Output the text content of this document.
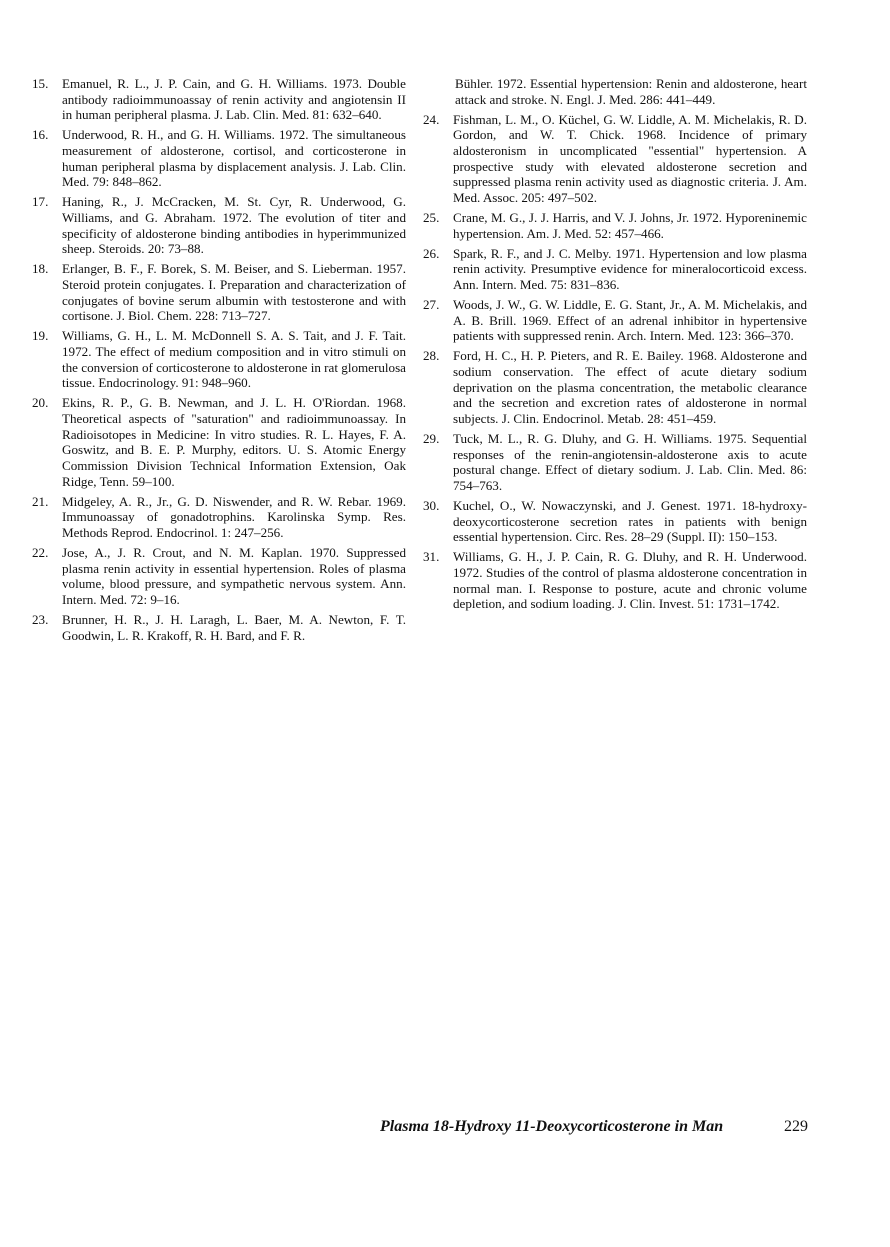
15.	Emanuel, R. L., J. P. Cain, and G. H. Williams. 1973. Double antibody radioimmunoassay of renin activity and angiotensin II in human peripheral plasma. J. Lab. Clin. Med. 81: 632–640.
16.	Underwood, R. H., and G. H. Williams. 1972. The simultaneous measurement of aldosterone, cortisol, and corticosterone in human peripheral plasma by displacement analysis. J. Lab. Clin. Med. 79: 848–862.
17.	Haning, R., J. McCracken, M. St. Cyr, R. Underwood, G. Williams, and G. Abraham. 1972. The evolution of titer and specificity of aldosterone binding antibodies in hyperimmunized sheep. Steroids. 20: 73–88.
18.	Erlanger, B. F., F. Borek, S. M. Beiser, and S. Lieberman. 1957. Steroid protein conjugates. I. Preparation and characterization of conjugates of bovine serum albumin with testosterone and with cortisone. J. Biol. Chem. 228: 713–727.
19.	Williams, G. H., L. M. McDonnell S. A. S. Tait, and J. F. Tait. 1972. The effect of medium composition and in vitro stimuli on the conversion of corticosterone to aldosterone in rat glomerulosa tissue. Endocrinology. 91: 948–960.
20.	Ekins, R. P., G. B. Newman, and J. L. H. O'Riordan. 1968. Theoretical aspects of "saturation" and radioimmunoassay. In Radioisotopes in Medicine: In vitro studies. R. L. Hayes, F. A. Goswitz, and B. E. P. Murphy, editors. U. S. Atomic Energy Commission Division Technical Information Extension, Oak Ridge, Tenn. 59–100.
21.	Midgeley, A. R., Jr., G. D. Niswender, and R. W. Rebar. 1969. Immunoassay of gonadotrophins. Karolinska Symp. Res. Methods Reprod. Endocrinol. 1: 247–256.
22.	Jose, A., J. R. Crout, and N. M. Kaplan. 1970. Suppressed plasma renin activity in essential hypertension. Roles of plasma volume, blood pressure, and sympathetic nervous system. Ann. Intern. Med. 72: 9–16.
23.	Brunner, H. R., J. H. Laragh, L. Baer, M. A. Newton, F. T. Goodwin, L. R. Krakoff, R. H. Bard, and F. R.
Bühler. 1972. Essential hypertension: Renin and aldosterone, heart attack and stroke. N. Engl. J. Med. 286: 441–449.
24.	Fishman, L. M., O. Küchel, G. W. Liddle, A. M. Michelakis, R. D. Gordon, and W. T. Chick. 1968. Incidence of primary aldosteronism in uncomplicated "essential" hypertension. A prospective study with elevated aldosterone secretion and suppressed plasma renin activity used as diagnostic criteria. J. Am. Med. Assoc. 205: 497–502.
25.	Crane, M. G., J. J. Harris, and V. J. Johns, Jr. 1972. Hyporeninemic hypertension. Am. J. Med. 52: 457–466.
26.	Spark, R. F., and J. C. Melby. 1971. Hypertension and low plasma renin activity. Presumptive evidence for mineralocorticoid excess. Ann. Intern. Med. 75: 831–836.
27.	Woods, J. W., G. W. Liddle, E. G. Stant, Jr., A. M. Michelakis, and A. B. Brill. 1969. Effect of an adrenal inhibitor in hypertensive patients with suppressed renin. Arch. Intern. Med. 123: 366–370.
28.	Ford, H. C., H. P. Pieters, and R. E. Bailey. 1968. Aldosterone and sodium conservation. The effect of acute dietary sodium deprivation on the plasma concentration, the metabolic clearance and the secretion and excretion rates of aldosterone in normal subjects. J. Clin. Endocrinol. Metab. 28: 451–459.
29.	Tuck, M. L., R. G. Dluhy, and G. H. Williams. 1975. Sequential responses of the renin-angiotensin-aldosterone axis to acute postural change. Effect of dietary sodium. J. Lab. Clin. Med. 86: 754–763.
30.	Kuchel, O., W. Nowaczynski, and J. Genest. 1971. 18-hydroxy-deoxycorticosterone secretion rates in patients with benign essential hypertension. Circ. Res. 28–29 (Suppl. II): 150–153.
31.	Williams, G. H., J. P. Cain, R. G. Dluhy, and R. H. Underwood. 1972. Studies of the control of plasma aldosterone concentration in normal man. I. Response to posture, acute and chronic volume depletion, and sodium loading. J. Clin. Invest. 51: 1731–1742.
Plasma 18-Hydroxy 11-Deoxycorticosterone in Man	229
